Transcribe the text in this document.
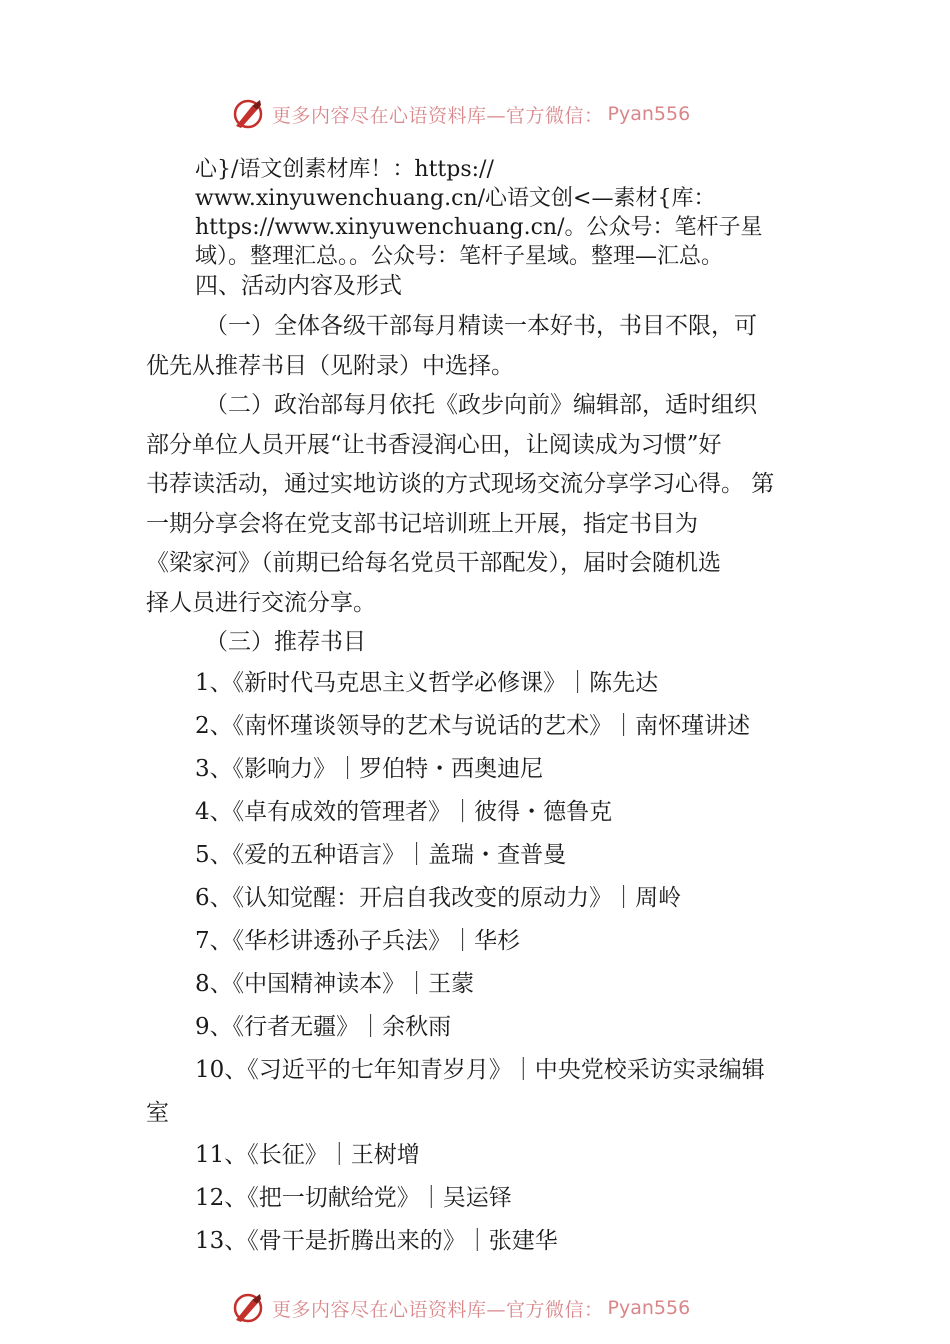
更多内容尽在心语资料库—官方微信： Pyan556
心}/语文创素材库！：https://
www.xinyuwenchuang.cn/心语文创<—素材{库：
https://www.xinyuwenchuang.cn/。公众号：笔杆子星
域）。整理汇总。。公众号：笔杆子星域。整理—汇总。
四、活动内容及形式
（一）全体各级干部每月精读一本好书，书目不限，可
优先从推荐书目（见附录）中选择。
（二）政治部每月依托《政步向前》编辑部，适时组织
部分单位人员开展“让书香浸润心田，让阅读成为习惯”好
书荐读活动，通过实地访谈的方式现场交流分享学习心得。 第
一期分享会将在党支部书记培训班上开展，指定书目为
《梁家河》（前期已给每名党员干部配发），届时会随机选
择人员进行交流分享。
（三）推荐书目
1、《新时代马克思主义哲学必修课》｜陈先达
2、《南怀瑾谈领导的艺术与说话的艺术》｜南怀瑾讲述
3、《影响力》｜罗伯特・西奥迪尼
4、《卓有成效的管理者》｜彼得・德鲁克
5、《爱的五种语言》｜盖瑞・查普曼
6、《认知觉醒：开启自我改变的原动力》｜周岭
7、《华杉讲透孙子兵法》｜华杉
8、《中国精神读本》｜王蒙
9、《行者无疆》｜余秋雨
10、《习近平的七年知青岁月》｜中央党校采访实录编辑
室
11、《长征》｜王树增
12、《把一切献给党》｜吴运铎
13、《骨干是折腾出来的》｜张建华
更多内容尽在心语资料库—官方微信： Pyan556
